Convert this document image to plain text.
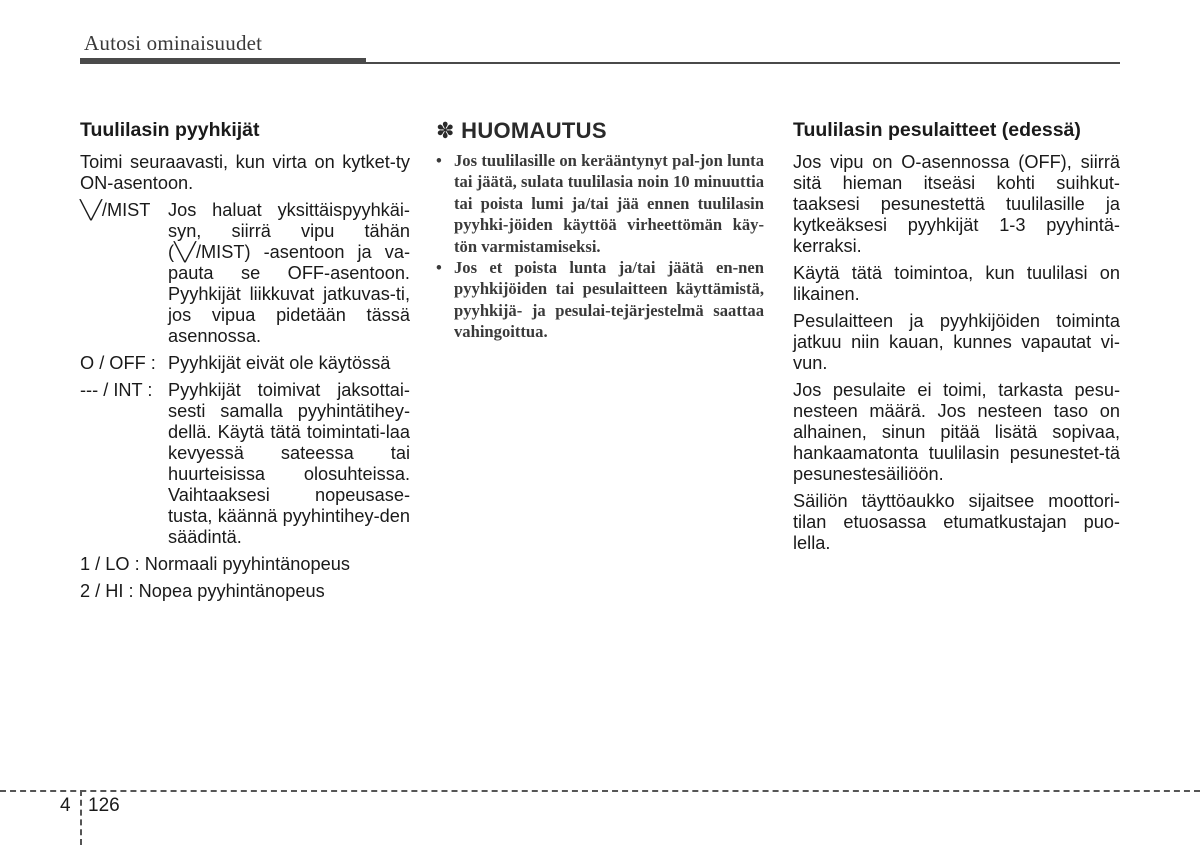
Autosi ominaisuudet
Tuulilasin pyyhkijät

Toimi seuraavasti, kun virta on kytket-ty ON-asentoon.

╲╱/MIST Jos haluat yksittäispyyhkäi-syn, siirrä vipu tähän (╲╱/MIST) -asentoon ja va-pauta se OFF-asentoon. Pyyhkijät liikkuvat jatkuvas-ti, jos vipua pidetään tässä asennossa.
O / OFF : Pyyhkijät eivät ole käytössä
--- / INT : Pyyhkijät toimivat jaksottai-sesti samalla pyyhintätihey-dellä. Käytä tätä toimintati-laa kevyessä sateessa tai huurteisissa olosuhteissa. Vaihtaaksesi nopeusase-tusta, käännä pyyhintihey-den säädintä.
1 / LO : Normaali pyyhintänopeus
2 / HI : Nopea pyyhintänopeus
✽ HUOMAUTUS
• Jos tuulilasille on kerääntynyt pal-jon lunta tai jäätä, sulata tuulilasia noin 10 minuuttia tai poista lumi ja/tai jää ennen tuulilasin pyyhki-jöiden käyttöä virheettömän käy-tön varmistamiseksi.
• Jos et poista lunta ja/tai jäätä en-nen pyyhkijöiden tai pesulaitteen käyttämistä, pyyhkijä- ja pesulai-tejärjestelmä saattaa vahingoittua.
Tuulilasin pesulaitteet (edessä)

Jos vipu on O-asennossa (OFF), siirrä sitä hieman itseäsi kohti suihkut-taaksesi pesunestettä tuulilasille ja kytkeäksesi pyyhkijät 1-3 pyyhintä-kerraksi.

Käytä tätä toimintoa, kun tuulilasi on likainen.

Pesulaitteen ja pyyhkijöiden toiminta jatkuu niin kauan, kunnes vapautat vi-vun.

Jos pesulaite ei toimi, tarkasta pesu-nesteen määrä. Jos nesteen taso on alhainen, sinun pitää lisätä sopivaa, hankaamatonta tuulilasin pesunestet-tä pesunestesäiliöön.

Säiliön täyttöaukko sijaitsee moottori-tilan etuosassa etumatkustajan puo-lella.

4 126
